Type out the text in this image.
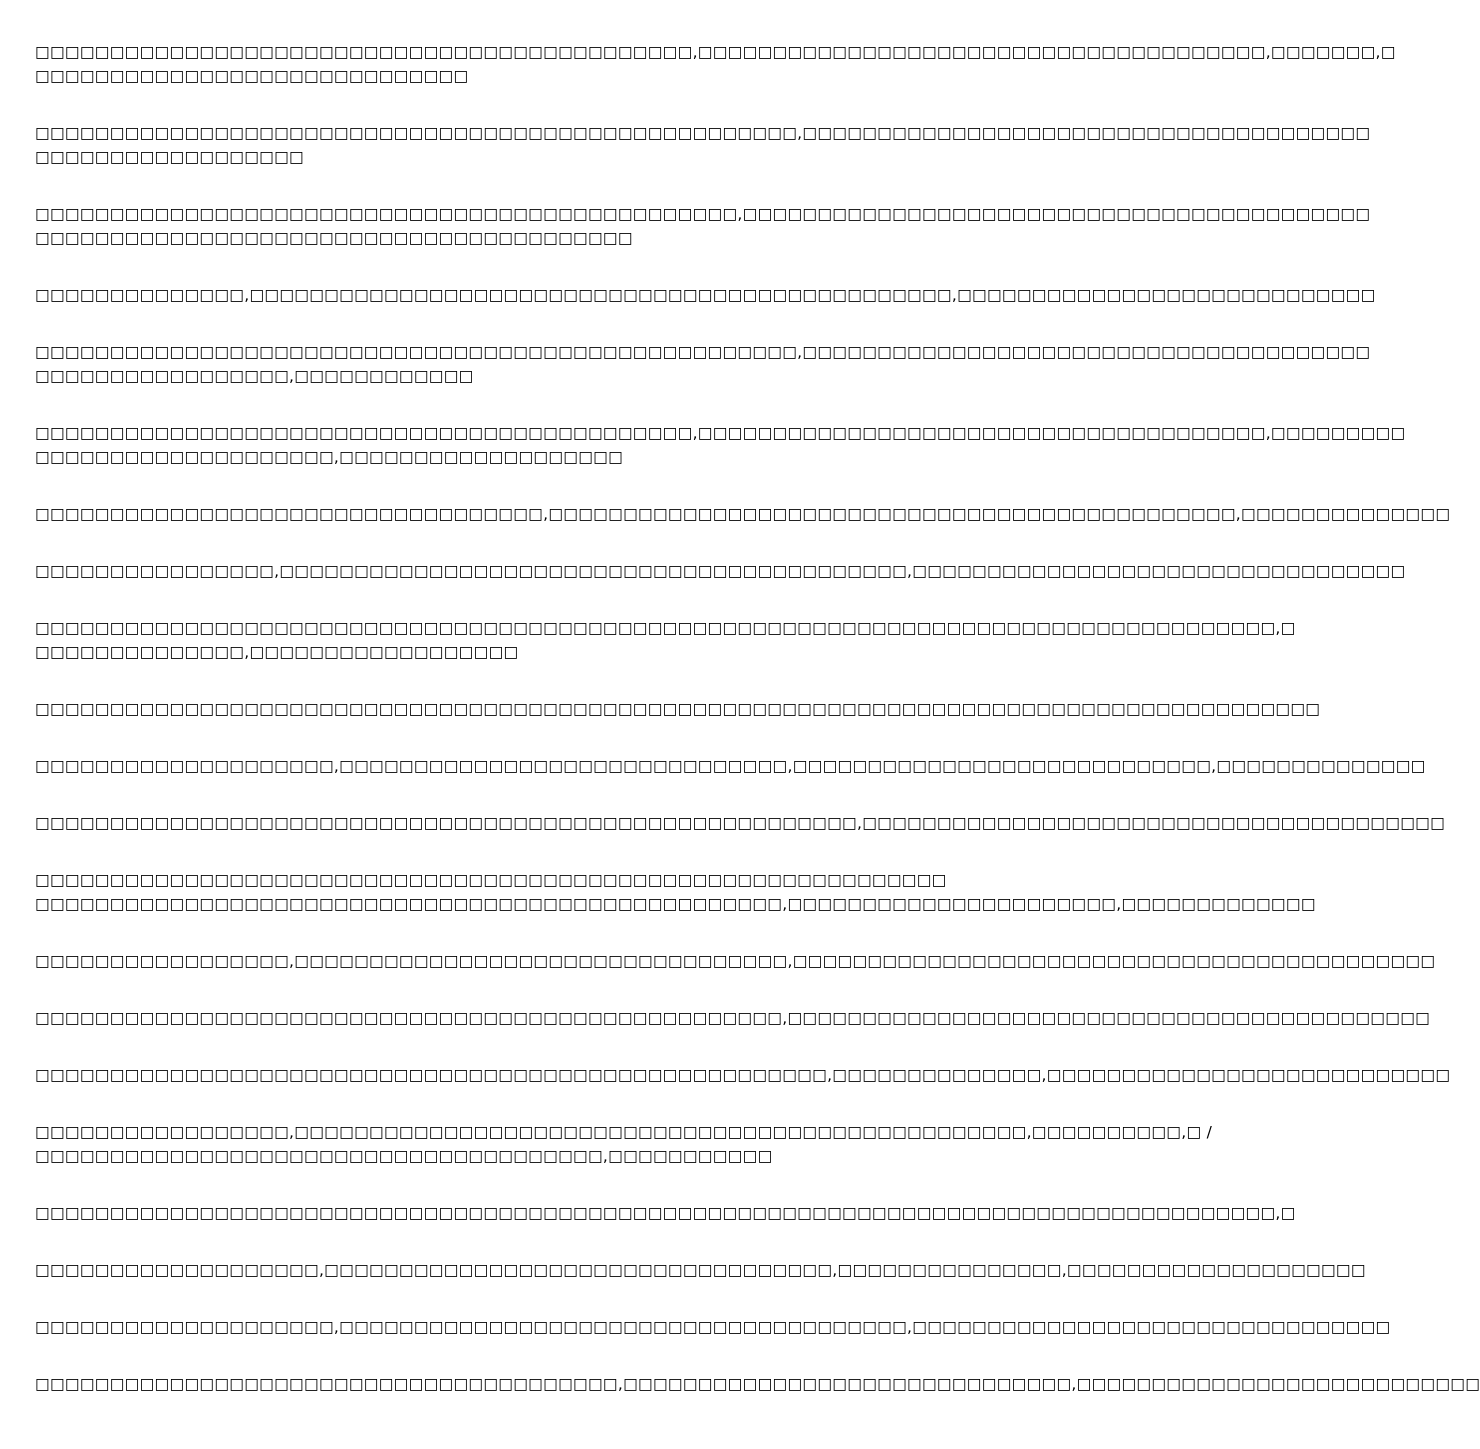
□□□□□□□□□□□□□□□□□□□□□□□□□□□□□□□□□□□□□□□□□□□□,□□□□□□□□□□□□□□□□□□□□□□□□□□□□□□□□□□□□□□,□□□□□□□,□
□□□□□□□□□□□□□□□□□□□□□□□□□□□□□

□□□□□□□□□□□□□□□□□□□□□□□□□□□□□□□□□□□□□□□□□□□□□□□□□□□,□□□□□□□□□□□□□□□□□□□□□□□□□□□□□□□□□□□□□□
□□□□□□□□□□□□□□□□□□

□□□□□□□□□□□□□□□□□□□□□□□□□□□□□□□□□□□□□□□□□□□□□□□,□□□□□□□□□□□□□□□□□□□□□□□□□□□□□□□□□□□□□□□□□□
□□□□□□□□□□□□□□□□□□□□□□□□□□□□□□□□□□□□□□□□

□□□□□□□□□□□□□□,□□□□□□□□□□□□□□□□□□□□□□□□□□□□□□□□□□□□□□□□□□□□□□□,□□□□□□□□□□□□□□□□□□□□□□□□□□□□

□□□□□□□□□□□□□□□□□□□□□□□□□□□□□□□□□□□□□□□□□□□□□□□□□□□,□□□□□□□□□□□□□□□□□□□□□□□□□□□□□□□□□□□□□□
□□□□□□□□□□□□□□□□□,□□□□□□□□□□□□

□□□□□□□□□□□□□□□□□□□□□□□□□□□□□□□□□□□□□□□□□□□□,□□□□□□□□□□□□□□□□□□□□□□□□□□□□□□□□□□□□□□,□□□□□□□□□
□□□□□□□□□□□□□□□□□□□□,□□□□□□□□□□□□□□□□□□□

□□□□□□□□□□□□□□□□□□□□□□□□□□□□□□□□□□,□□□□□□□□□□□□□□□□□□□□□□□□□□□□□□□□□□□□□□□□□□□□□□,□□□□□□□□□□□□□□

□□□□□□□□□□□□□□□□,□□□□□□□□□□□□□□□□□□□□□□□□□□□□□□□□□□□□□□□□□□,□□□□□□□□□□□□□□□□□□□□□□□□□□□□□□□□□

□□□□□□□□□□□□□□□□□□□□□□□□□□□□□□□□□□□□□□□□□□□□□□□□□□□□□□□□□□□□□□□□□□□□□□□□□□□□□□□□□□□,□
□□□□□□□□□□□□□□,□□□□□□□□□□□□□□□□□□

□□□□□□□□□□□□□□□□□□□□□□□□□□□□□□□□□□□□□□□□□□□□□□□□□□□□□□□□□□□□□□□□□□□□□□□□□□□□□□□□□□□□□□

□□□□□□□□□□□□□□□□□□□□,□□□□□□□□□□□□□□□□□□□□□□□□□□□□□□,□□□□□□□□□□□□□□□□□□□□□□□□□□□□,□□□□□□□□□□□□□□

□□□□□□□□□□□□□□□□□□□□□□□□□□□□□□□□□□□□□□□□□□□□□□□□□□□□□□□,□□□□□□□□□□□□□□□□□□□□□□□□□□□□□□□□□□□□□□□

□□□□□□□□□□□□□□□□□□□□□□□□□□□□□□□□□□□□□□□□□□□□□□□□□□□□□□□□□□□□□
□□□□□□□□□□□□□□□□□□□□□□□□□□□□□□□□□□□□□□□□□□□□□□□□□□,□□□□□□□□□□□□□□□□□□□□□□,□□□□□□□□□□□□□

□□□□□□□□□□□□□□□□□,□□□□□□□□□□□□□□□□□□□□□□□□□□□□□□□□□,□□□□□□□□□□□□□□□□□□□□□□□□□□□□□□□□□□□□□□□□□□□

□□□□□□□□□□□□□□□□□□□□□□□□□□□□□□□□□□□□□□□□□□□□□□□□□□,□□□□□□□□□□□□□□□□□□□□□□□□□□□□□□□□□□□□□□□□□□□

□□□□□□□□□□□□□□□□□□□□□□□□□□□□□□□□□□□□□□□□□□□□□□□□□□□□□,□□□□□□□□□□□□□□,□□□□□□□□□□□□□□□□□□□□□□□□□□□

□□□□□□□□□□□□□□□□□,□□□□□□□□□□□□□□□□□□□□□□□□□□□□□□□□□□□□□□□□□□□□□□□□□,□□□□□□□□□□,□ /
□□□□□□□□□□□□□□□□□□□□□□□□□□□□□□□□□□□□□□,□□□□□□□□□□□

□□□□□□□□□□□□□□□□□□□□□□□□□□□□□□□□□□□□□□□□□□□□□□□□□□□□□□□□□□□□□□□□□□□□□□□□□□□□□□□□□□□,□

□□□□□□□□□□□□□□□□□□□,□□□□□□□□□□□□□□□□□□□□□□□□□□□□□□□□□□,□□□□□□□□□□□□□□□,□□□□□□□□□□□□□□□□□□□□

□□□□□□□□□□□□□□□□□□□□,□□□□□□□□□□□□□□□□□□□□□□□□□□□□□□□□□□□□□□,□□□□□□□□□□□□□□□□□□□□□□□□□□□□□□□□

□□□□□□□□□□□□□□□□□□□□□□□□□□□□□□□□□□□□□□□,□□□□□□□□□□□□□□□□□□□□□□□□□□□□□□,□□□□□□□□□□□□□□□□□□□□□□□□□□□
